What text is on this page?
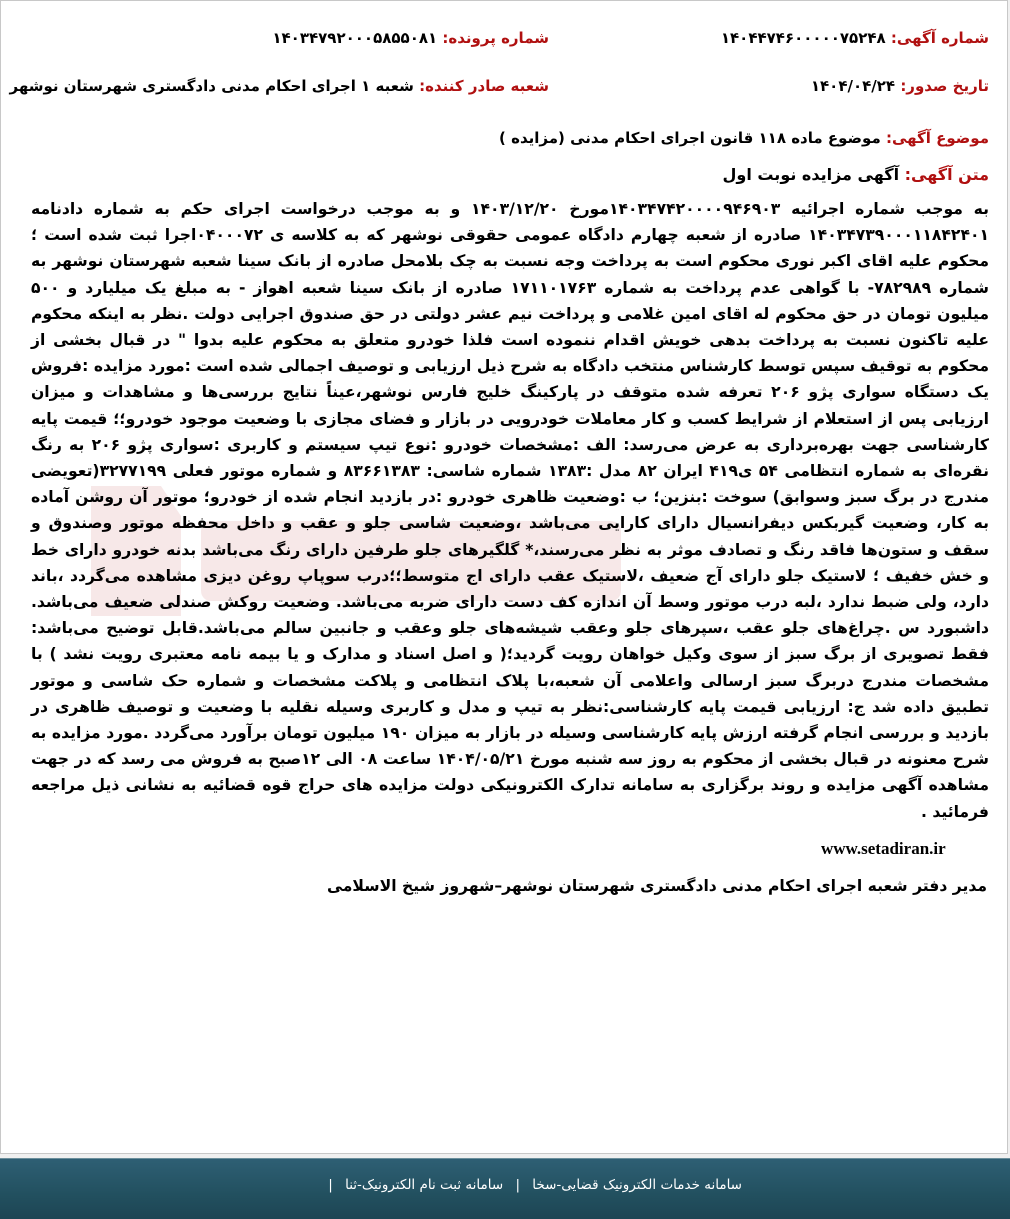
شماره آگهی: ۱۴۰۴۴۷۴۶۰۰۰۰۰۷۵۲۴۸
شماره پرونده: ۱۴۰۳۴۷۹۲۰۰۰۵۸۵۵۰۸۱
تاریخ صدور: ۱۴۰۴/۰۴/۲۴
شعبه صادر کننده: شعبه ۱ اجرای احکام مدنی دادگستری شهرستان نوشهر
موضوع آگهی: موضوع ماده ۱۱۸ قانون اجرای احکام مدنی (مزایده )
متن آگهی: آگهی مزایده نوبت اول
به موجب شماره اجرائیه ۱۴۰۳۴۷۴۲۰۰۰۰۹۴۶۹۰۳مورخ ۱۴۰۳/۱۲/۲۰ و به موجب درخواست اجرای حکم به شماره دادنامه ۱۴۰۳۴۷۳۹۰۰۰۱۱۸۴۲۴۰۱ صادره از شعبه چهارم دادگاه عمومی حقوقی نوشهر که به کلاسه ی ۰۴۰۰۰۷۲اجرا ثبت شده است ؛ محکوم علیه اقای اکبر نوری محکوم است به پرداخت وجه نسبت به چک بلامحل صادره از بانک سینا شعبه شهرستان نوشهر به شماره ۷۸۲۹۸۹- با گواهی عدم پرداخت به شماره ۱۷۱۱۰۱۷۶۳ صادره از بانک سینا شعبه اهواز - به مبلغ یک میلیارد و ۵۰۰ میلیون تومان در حق محکوم له اقای امین غلامی و پرداخت نیم عشر دولتی در حق صندوق اجرایی دولت .نظر به اینکه محکوم علیه تاکنون نسبت به پرداخت بدهی خویش اقدام ننموده است فلذا خودرو متعلق به محکوم علیه بدوا " در قبال بخشی از محکوم به توقیف سپس توسط کارشناس منتخب دادگاه به شرح ذیل ارزیابی و توصیف اجمالی شده است :مورد مزایده :فروش یک دستگاه سواری پژو ۲۰۶ تعرفه شده متوقف در پارکینگ خلیج فارس نوشهر،عیناً نتایج بررسی‌ها و مشاهدات و میزان ارزیابی پس از استعلام از شرایط کسب و کار معاملات خودرویی در بازار و فضای مجازی با وضعیت موجود خودرو؛؛ قیمت پایه کارشناسی جهت بهره‌برداری به عرض می‌رسد: الف :مشخصات خودرو :نوع تیپ سیستم و کاربری :سواری پژو ۲۰۶ به رنگ نقره‌ای به شماره انتظامی ۵۴ ی۴۱۹ ایران ۸۲ مدل :۱۳۸۳ شماره شاسی: ۸۳۶۶۱۳۸۳ و شماره موتور فعلی ۳۲۷۷۱۹۹(تعویضی مندرج در برگ سبز وسوابق) سوخت :بنزین؛ ب :وضعیت ظاهری خودرو :در بازدید انجام شده از خودرو؛ موتور آن روشن آماده به کار، وضعیت گیربکس دیفرانسیال دارای کارایی می‌باشد ،وضعیت شاسی جلو و عقب و داخل محفظه موتور وصندوق و سقف و ستون‌ها فاقد رنگ و تصادف موثر به نظر می‌رسند،* گلگیرهای جلو طرفین دارای رنگ می‌باشد بدنه خودرو دارای خط و خش خفیف ؛ لاستیک جلو دارای آج ضعیف ،لاستیک عقب دارای اج متوسط؛؛درب سوپاپ روغن دیزی مشاهده می‌گردد ،باند دارد، ولی ضبط ندارد ،لبه درب موتور وسط آن اندازه کف دست دارای ضربه می‌باشد. وضعیت روکش صندلی ضعیف می‌باشد. داشبورد س .چراغ‌های جلو عقب ،سپرهای جلو وعقب شیشه‌های جلو وعقب و جانبین سالم می‌باشد.قابل توضیح می‌باشد: فقط تصویری از برگ سبز از سوی وکیل خواهان رویت گردید؛( و اصل اسناد و مدارک و یا بیمه نامه معتبری رویت نشد ) با مشخصات مندرج دربرگ سبز ارسالی واعلامی آن شعبه،با پلاک انتظامی و پلاکت مشخصات و شماره حک شاسی و موتور تطبیق داده شد ج: ارزیابی قیمت پایه کارشناسی:نظر به تیپ و مدل و کاربری وسیله نقلیه با وضعیت و توصیف ظاهری در بازدید و بررسی انجام گرفته ارزش پایه کارشناسی وسیله در بازار به میزان ۱۹۰ میلیون تومان برآورد می‌گردد .مورد مزایده به شرح معنونه در قبال بخشی از محکوم به روز سه شنبه مورخ ۱۴۰۴/۰۵/۲۱ ساعت ۰۸ الی ۱۲صبح به فروش می رسد که در جهت مشاهده آگهی مزایده و روند برگزاری به سامانه تدارک الکترونیکی دولت مزایده های حراج قوه قضائیه به نشانی ذیل مراجعه فرمائید .
www.setadiran.ir
مدیر دفتر شعبه اجرای احکام مدنی دادگستری شهرستان نوشهر–شهروز شیخ الاسلامی
سامانه خدمات الکترونیک قضایی-سخا | سامانه ثبت نام الکترونیک-ثنا |
